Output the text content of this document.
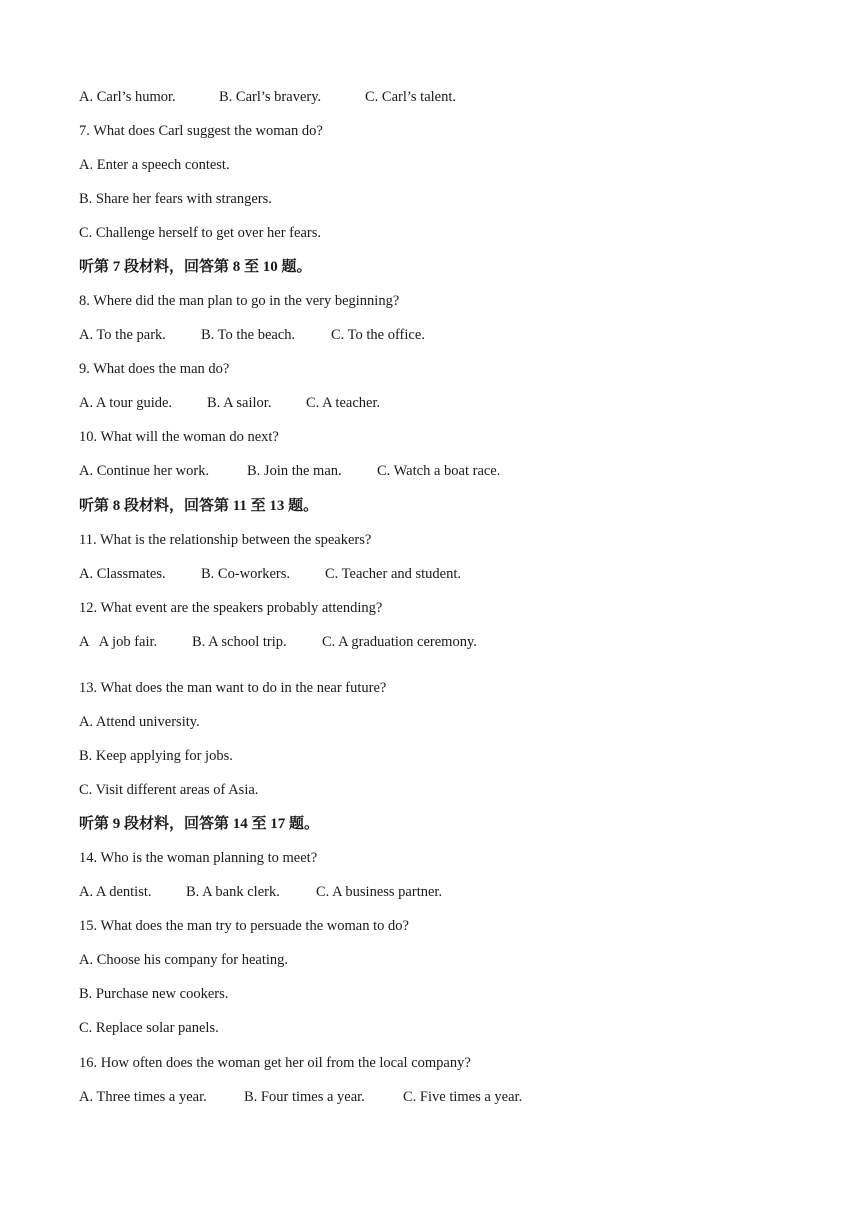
A. Carl’s humor.	B. Carl’s bravery.	C. Carl’s talent.
7. What does Carl suggest the woman do?
A. Enter a speech contest.
B. Share her fears with strangers.
C. Challenge herself to get over her fears.
听第 7 段材料，回答第 8 至 10 题。
8. Where did the man plan to go in the very beginning?
A. To the park.	B. To the beach.	C. To the office.
9. What does the man do?
A. A tour guide.	B. A sailor.	C. A teacher.
10. What will the woman do next?
A. Continue her work.	B. Join the man.	C. Watch a boat race.
听第 8 段材料，回答第 11 至 13 题。
11. What is the relationship between the speakers?
A. Classmates.	B. Co-workers.	C. Teacher and student.
12. What event are the speakers probably attending?
A   A job fair.	B. A school trip.	C. A graduation ceremony.
13. What does the man want to do in the near future?
A. Attend university.
B. Keep applying for jobs.
C. Visit different areas of Asia.
听第 9 段材料，回答第 14 至 17 题。
14. Who is the woman planning to meet?
A. A dentist.	B. A bank clerk.	C. A business partner.
15. What does the man try to persuade the woman to do?
A. Choose his company for heating.
B. Purchase new cookers.
C. Replace solar panels.
16. How often does the woman get her oil from the local company?
A. Three times a year.	B. Four times a year.	C. Five times a year.
